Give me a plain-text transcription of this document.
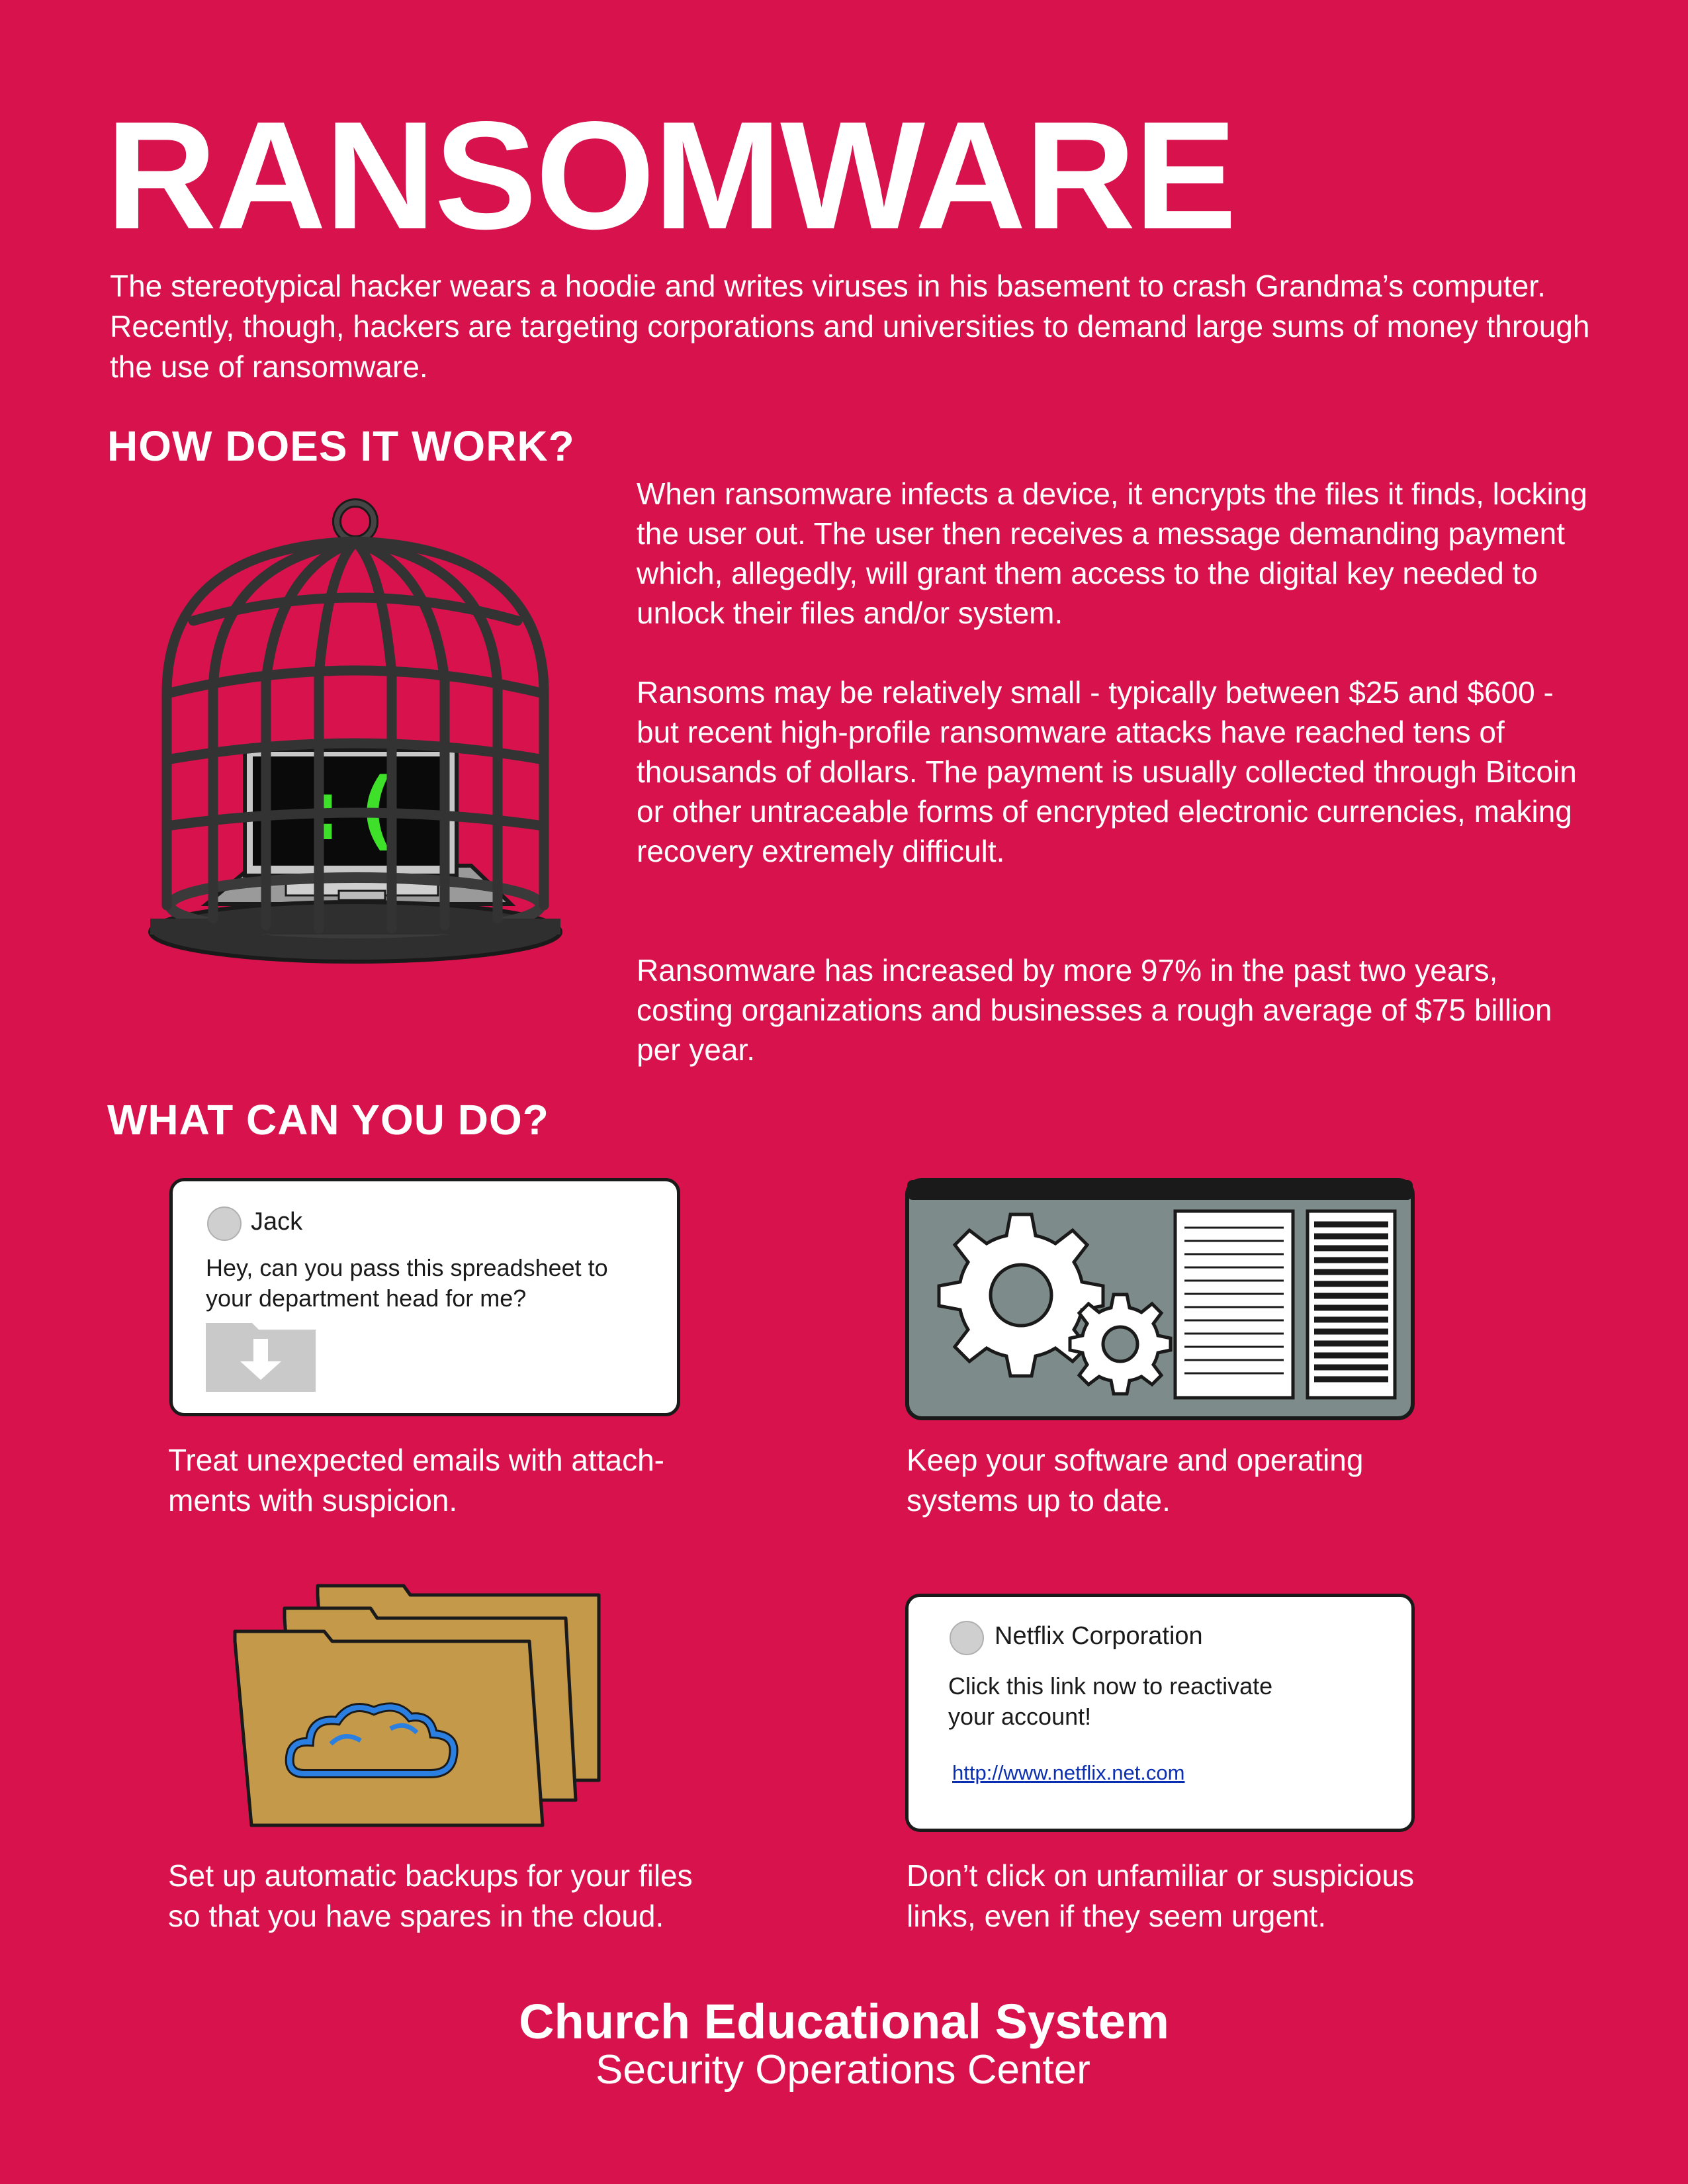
RANSOMWARE

The stereotypical hacker wears a hoodie and writes viruses in his basement to crash Grandma’s computer. Recently, though, hackers are targeting corporations and universities to demand large sums of money through the use of ransomware.

HOW DOES IT WORK?
:(

When ransomware infects a device, it encrypts the files it finds, locking the user out. The user then receives a message demanding payment which, allegedly, will grant them access to the digital key needed to unlock their files and/or system.

Ransoms may be relatively small - typically between $25 and $600 - but recent high-profile ransomware attacks have reached tens of thousands of dollars. The payment is usually collected through Bitcoin or other untraceable forms of encrypted electronic currencies, making recovery extremely difficult.

Ransomware has increased by more 97% in the past two years, costing organizations and businesses a rough average of $75 billion per year.

WHAT CAN YOU DO?
Jack
Hey, can you pass this spreadsheet to your department head for me?

Treat unexpected emails with attach-
ments with suspicion.

Keep your software and operating
systems up to date.

Netflix Corporation
Click this link now to reactivate your account!
http://www.netflix.net.com

Set up automatic backups for your files
so that you have spares in the cloud.

Don’t click on unfamiliar or suspicious
links, even if they seem urgent.

Church Educational System
Security Operations Center
